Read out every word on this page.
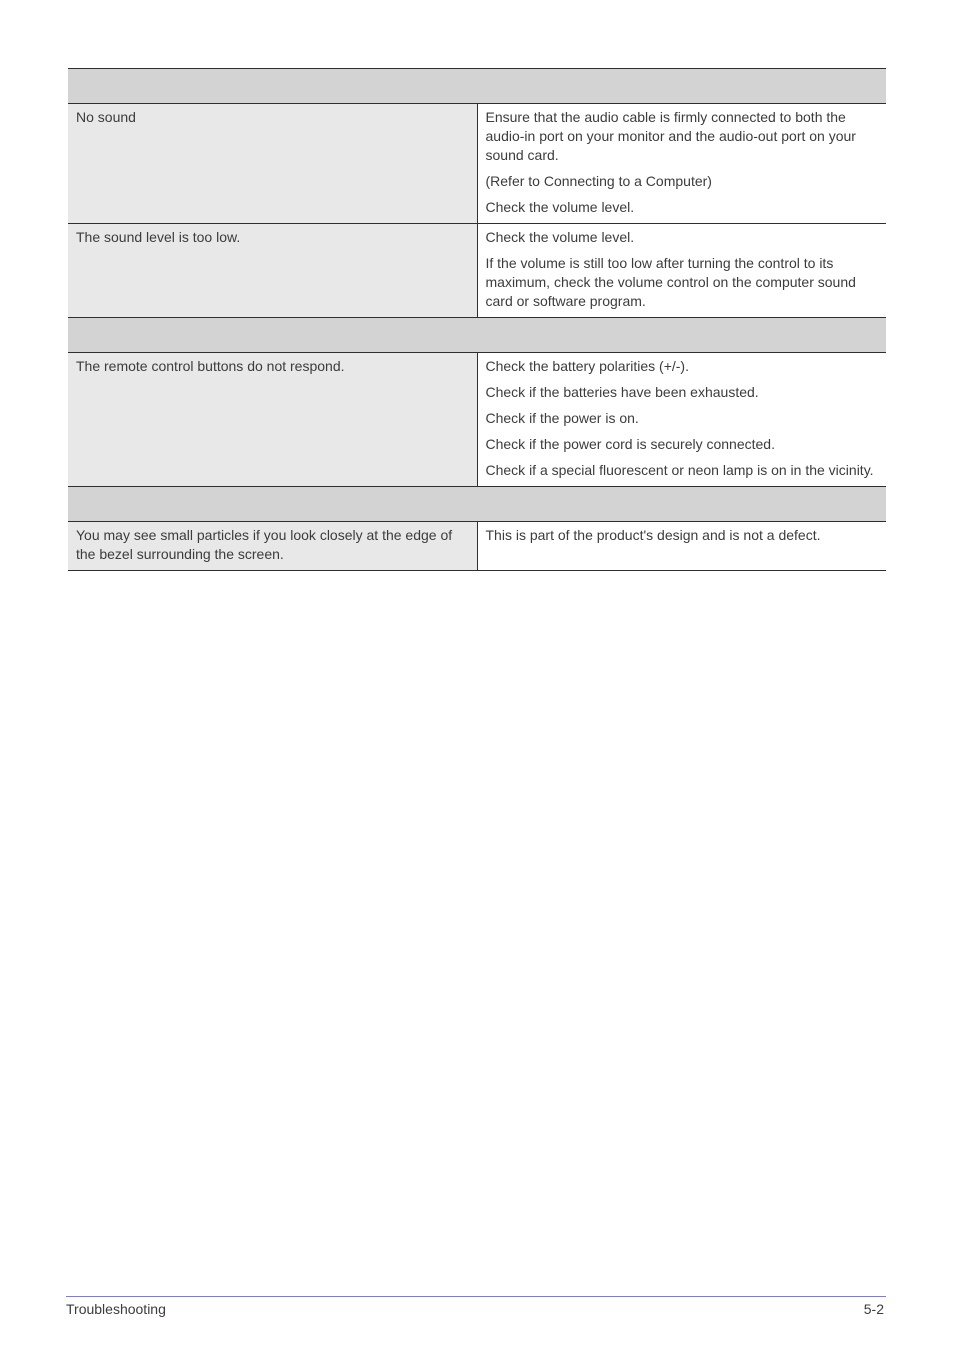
No sound	Ensure that the audio cable is firmly connected to both the audio-in port on your monitor and the audio-out port on your sound card.

(Refer to Connecting to a Computer)

Check the volume level.

The sound level is too low.	Check the volume level.

If the volume is still too low after turning the control to its maximum, check the volume control on the computer sound card or software program.

The remote control buttons do not respond.	Check the battery polarities (+/-).

Check if the batteries have been exhausted.

Check if the power is on.

Check if the power cord is securely connected.

Check if a special fluorescent or neon lamp is on in the vicinity.

You may see small particles if you look closely at the edge of the bezel surrounding the screen.	This is part of the product's design and is not a defect.

Troubleshooting	5-2
